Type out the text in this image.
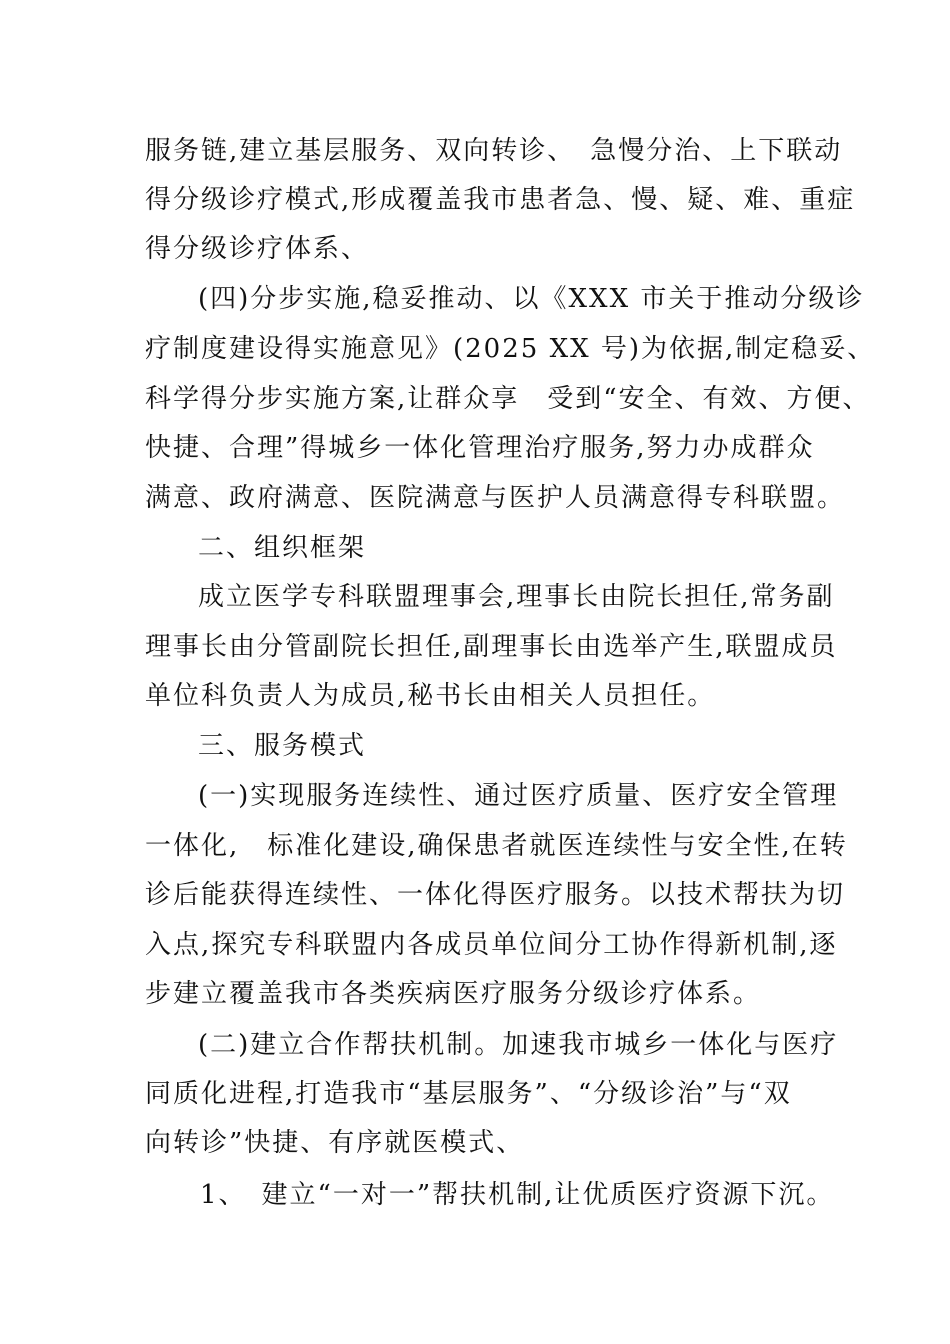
服务链,建立基层服务、双向转诊、　急慢分治、上下联动
得分级诊疗模式,形成覆盖我市患者急、慢、疑、难、重症
得分级诊疗体系、
(四)分步实施,稳妥推动、以《XXX 市关于推动分级诊
疗制度建设得实施意见》(2025 XX 号)为依据,制定稳妥、
科学得分步实施方案,让群众享　受到“安全、有效、方便、
快捷、合理”得城乡一体化管理治疗服务,努力办成群众
满意、政府满意、医院满意与医护人员满意得专科联盟。
二、组织框架
成立医学专科联盟理事会,理事长由院长担任,常务副
理事长由分管副院长担任,副理事长由选举产生,联盟成员
单位科负责人为成员,秘书长由相关人员担任。
三、服务模式
(一)实现服务连续性、通过医疗质量、医疗安全管理
一体化,　标准化建设,确保患者就医连续性与安全性,在转
诊后能获得连续性、一体化得医疗服务。以技术帮扶为切
入点,探究专科联盟内各成员单位间分工协作得新机制,逐
步建立覆盖我市各类疾病医疗服务分级诊疗体系。
(二)建立合作帮扶机制。加速我市城乡一体化与医疗
同质化进程,打造我市“基层服务”、“分级诊治”与“双
向转诊”快捷、有序就医模式、
1、　建立“一对一”帮扶机制,让优质医疗资源下沉。
